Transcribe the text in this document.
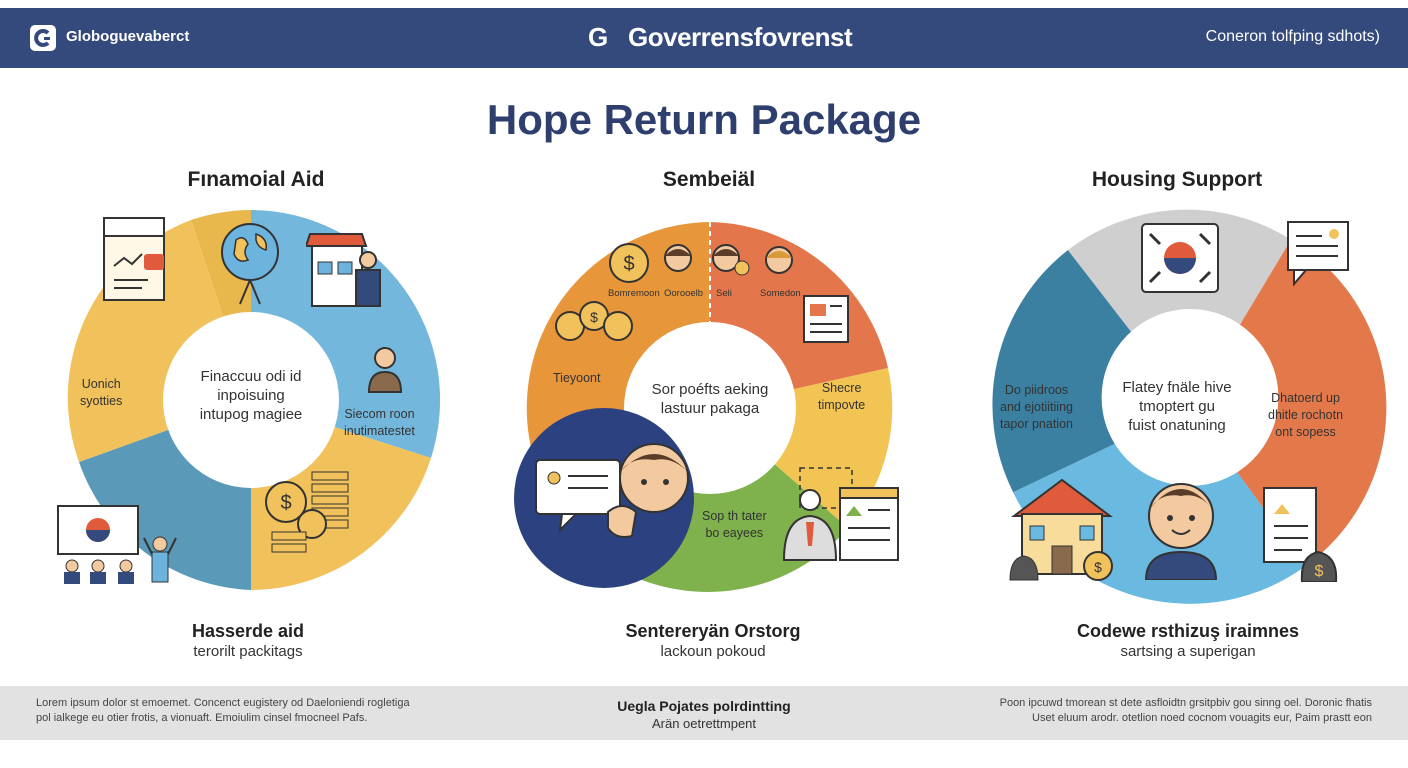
Globoguevaberct	G Goverrensfovrenst	Coneron tolfping sdhots)
Hope Return Package
Fınamoial Aid
Finaccuu odi id
inpoisuing
intupog magiee
Uonich
syotties
Siecom roon
inutimatestet
$
Hasserde aid
terorilt packitags
Sembeiäl
Sor poéfts aeking
lastuur pakaga
Tieyoont
Shecre
timpovte
Sop th tater
bo eayees
Bomremoon Oorooelb Seli	Somedon
$
$
Sentereryän Orstorg
lackoun pokoud
Housing Support
Flatey fnäle hive
tmoptert gu
fuist onatuning
Do piidroos
and ejotiitiing
tapor pnation
Dhatoerd up
dhitle rochotn
ont sopess
$	$
Codewe rsthizuş iraimnes
sartsing a superigan
Lorem ipsum dolor st emoemet. Concenct eugistery od Daeloniendi rogletiga
pol ialkege eu otier frotis, a vionuaft. Emoiulim cinsel fmocneel Pafs.
Uegla Pojates polrdintting
Arän oetrettmpent
Poon ipcuwd tmorean st dete asfloidtn grsitpbiv gou sinng oel. Doronic fhatis
Uset eluum arodr. otetlion noed cocnom vouagits eur, Paim prastt eon
